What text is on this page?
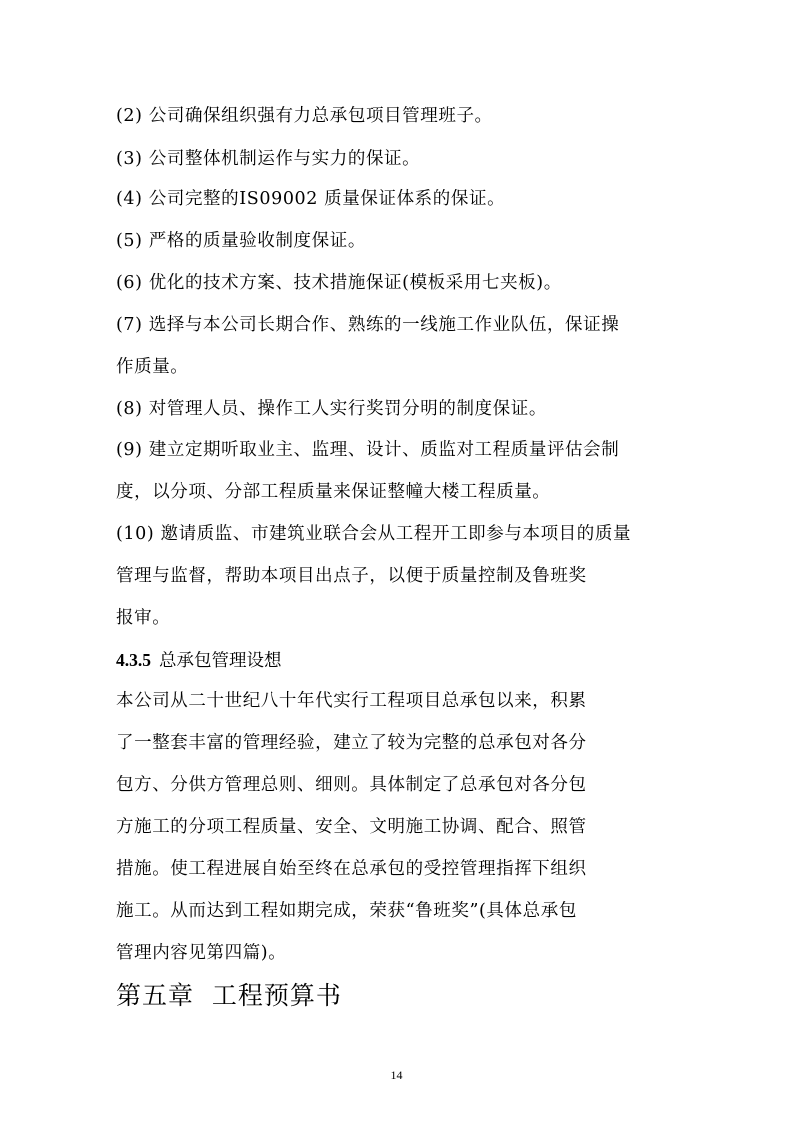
(2) 公司确保组织强有力总承包项目管理班子。
(3) 公司整体机制运作与实力的保证。
(4) 公司完整的IS09002 质量保证体系的保证。
(5) 严格的质量验收制度保证。
(6) 优化的技术方案、技术措施保证(模板采用七夹板)。
(7) 选择与本公司长期合作、熟练的一线施工作业队伍，保证操
作质量。
(8) 对管理人员、操作工人实行奖罚分明的制度保证。
(9) 建立定期听取业主、监理、设计、质监对工程质量评估会制
度，以分项、分部工程质量来保证整幢大楼工程质量。
(10) 邀请质监、市建筑业联合会从工程开工即参与本项目的质量
管理与监督，帮助本项目出点子，以便于质量控制及鲁班奖
报审。
4.3.5 总承包管理设想
本公司从二十世纪八十年代实行工程项目总承包以来，积累
了一整套丰富的管理经验，建立了较为完整的总承包对各分
包方、分供方管理总则、细则。具体制定了总承包对各分包
方施工的分项工程质量、安全、文明施工协调、配合、照管
措施。使工程进展自始至终在总承包的受控管理指挥下组织
施工。从而达到工程如期完成，荣获“鲁班奖”(具体总承包
管理内容见第四篇)。
第五章  工程预算书
14
